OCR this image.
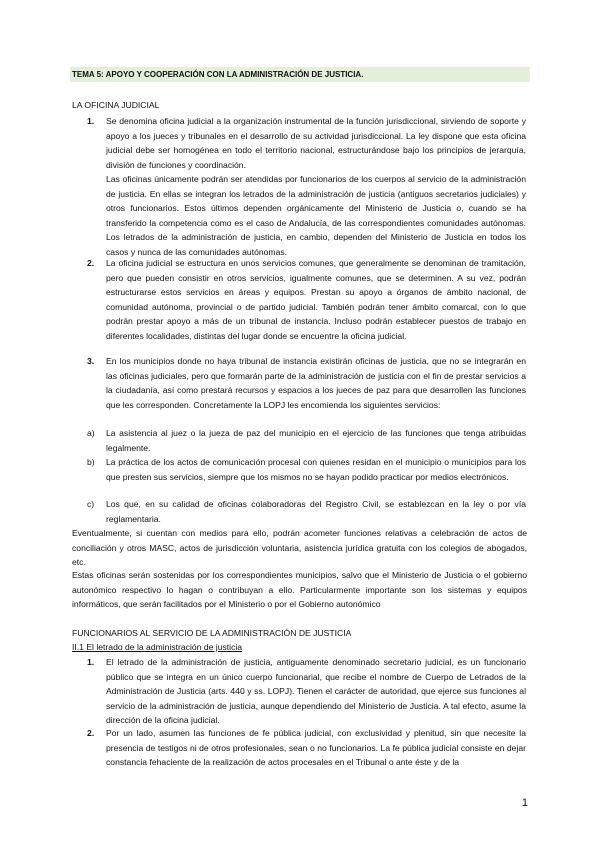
TEMA 5: APOYO Y COOPERACIÓN CON LA ADMINISTRACIÓN DE JUSTICIA.
LA OFICINA JUDICIAL
1. Se denomina oficina judicial a la organización instrumental de la función jurisdiccional, sirviendo de soporte y apoyo a los jueces y tribunales en el desarrollo de su actividad jurisdiccional. La ley dispone que esta oficina judicial debe ser homogénea en todo el territorio nacional, estructurándose bajo los principios de jerarquía, división de funciones y coordinación.
Las oficinas únicamente podrán ser atendidas por funcionarios de los cuerpos al servicio de la administración de justicia. En ellas se integran los letrados de la administración de justicia (antiguos secretarios judiciales) y otros funcionarios. Estos últimos dependen orgánicamente del Ministerio de Justicia o, cuando se ha transferido la competencia como es el caso de Andalucía, de las correspondientes comunidades autónomas. Los letrados de la administración de justicia, en cambio, dependen del Ministerio de Justicia en todos los casos y nunca de las comunidades autónomas.
2. La oficina judicial se estructura en unos servicios comunes, que generalmente se denominan de tramitación, pero que pueden consistir en otros servicios, igualmente comunes, que se determinen. A su vez, podrán estructurarse estos servicios en áreas y equipos. Prestan su apoyo a órganos de ámbito nacional, de comunidad autónoma, provincial o de partido judicial. También podrán tener ámbito comarcal, con lo que podrán prestar apoyo a más de un tribunal de instancia. Incluso podrán establecer puestos de trabajo en diferentes localidades, distintas del lugar donde se encuentre la oficina judicial.
3. En los municipios donde no haya tribunal de instancia existirán oficinas de justicia, que no se integrarán en las oficinas judiciales, pero que formarán parte de la administración de justicia con el fin de prestar servicios a la ciudadanía, así como prestará recursos y espacios a los jueces de paz para que desarrollen las funciones que les corresponden. Concretamente la LOPJ les encomienda los siguientes servicios:
a) La asistencia al juez o la jueza de paz del municipio en el ejercicio de las funciones que tenga atribuidas legalmente.
b) La práctica de los actos de comunicación procesal con quienes residan en el municipio o municipios para los que presten sus servicios, siempre que los mismos no se hayan podido practicar por medios electrónicos.
c) Los que, en su calidad de oficinas colaboradoras del Registro Civil, se establezcan en la ley o por vía reglamentaria.
Eventualmente, si cuentan con medios para ello, podrán acometer funciones relativas a celebración de actos de conciliación y otros MASC, actos de jurisdicción voluntaria, asistencia jurídica gratuita con los colegios de abogados, etc.
Estas oficinas serán sostenidas por los correspondientes municipios, salvo que el Ministerio de Justicia o el gobierno autonómico respectivo lo hagan o contribuyan a ello. Particularmente importante son los sistemas y equipos informáticos, que serán facilitados por el Ministerio o por el Gobierno autonómico
FUNCIONARIOS AL SERVICIO DE LA ADMINISTRACIÓN DE JUSTICIA
II.1 El letrado de la administración de justicia
1. El letrado de la administración de justicia, antiguamente denominado secretario judicial, es un funcionario público que se integra en un único cuerpo funcionarial, que recibe el nombre de Cuerpo de Letrados de la Administración de Justicia (arts. 440 y ss. LOPJ). Tienen el carácter de autoridad, que ejerce sus funciones al servicio de la administración de justicia, aunque dependiendo del Ministerio de Justicia. A tal efecto, asume la dirección de la oficina judicial.
2. Por un lado, asumen las funciones de fe pública judicial, con exclusividad y plenitud, sin que necesite la presencia de testigos ni de otros profesionales, sean o no funcionarios. La fe pública judicial consiste en dejar constancia fehaciente de la realización de actos procesales en el Tribunal o ante éste y de la
1
